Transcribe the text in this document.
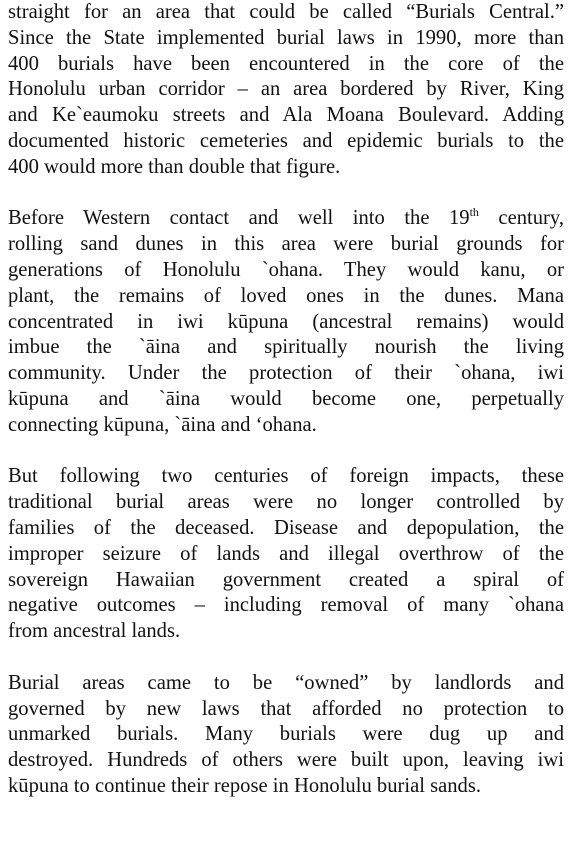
straight for an area that could be called “Burials Central.”
Since the State implemented burial laws in 1990, more than
400 burials have been encountered in the core of the
Honolulu urban corridor – an area bordered by River, King
and Ke`eaumoku streets and Ala Moana Boulevard. Adding
documented historic cemeteries and epidemic burials to the
400 would more than double that figure.

Before Western contact and well into the 19th century,
rolling sand dunes in this area were burial grounds for
generations of Honolulu `ohana. They would kanu, or
plant, the remains of loved ones in the dunes. Mana
concentrated in iwi kūpuna (ancestral remains) would
imbue the `āina and spiritually nourish the living
community. Under the protection of their `ohana, iwi
kūpuna and `āina would become one, perpetually
connecting kūpuna, `āina and ‘ohana.

But following two centuries of foreign impacts, these
traditional burial areas were no longer controlled by
families of the deceased. Disease and depopulation, the
improper seizure of lands and illegal overthrow of the
sovereign Hawaiian government created a spiral of
negative outcomes – including removal of many `ohana
from ancestral lands.

Burial areas came to be “owned” by landlords and
governed by new laws that afforded no protection to
unmarked burials. Many burials were dug up and
destroyed. Hundreds of others were built upon, leaving iwi
kūpuna to continue their repose in Honolulu burial sands.
